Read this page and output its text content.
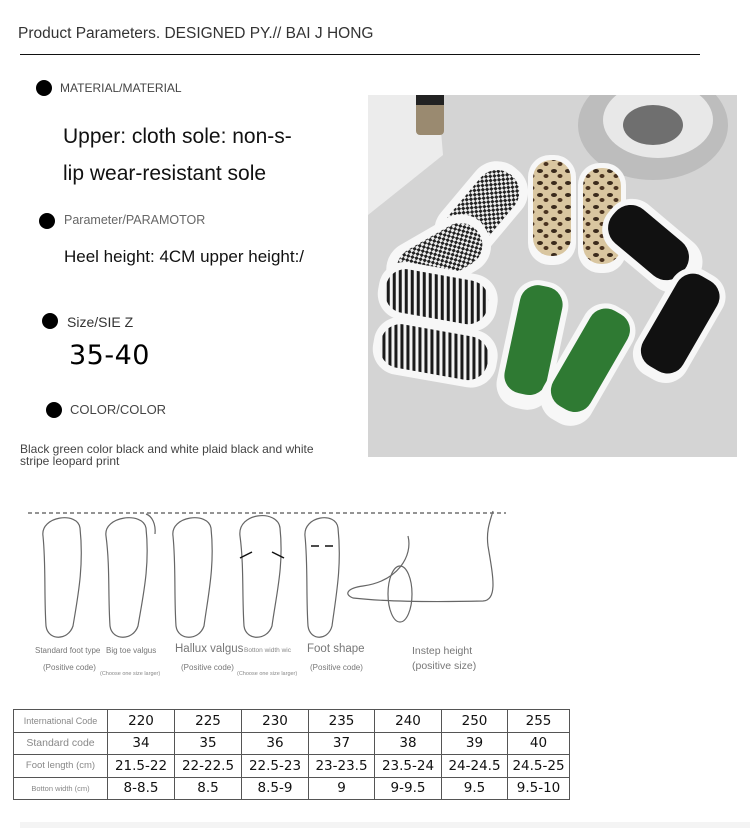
Product Parameters. DESIGNED PY.// BAI J HONG
MATERIAL/MATERIAL
Upper: cloth sole: non-s-
lip wear-resistant sole
Parameter/PARAMOTOR
Heel height: 4CM upper height:/
Size/SIE Z
35-40
COLOR/COLOR
Black green color black and white plaid black and white
stripe leopard print
Standard foot type
(Positive code)
Big toe valgus
(Choose one size larger)
Hallux valgus
(Positive code)
Botton width wic
(Choose one size larger)
Foot shape
(Positive code)
Instep height
(positive size)
International Code	220	225	230	235	240	250	255
Standard code	34	35	36	37	38	39	40
Foot length (cm)	21.5-22	22-22.5	22.5-23	23-23.5	23.5-24	24-24.5	24.5-25
Botton width (cm)	8-8.5	8.5	8.5-9	9	9-9.5	9.5	9.5-10
